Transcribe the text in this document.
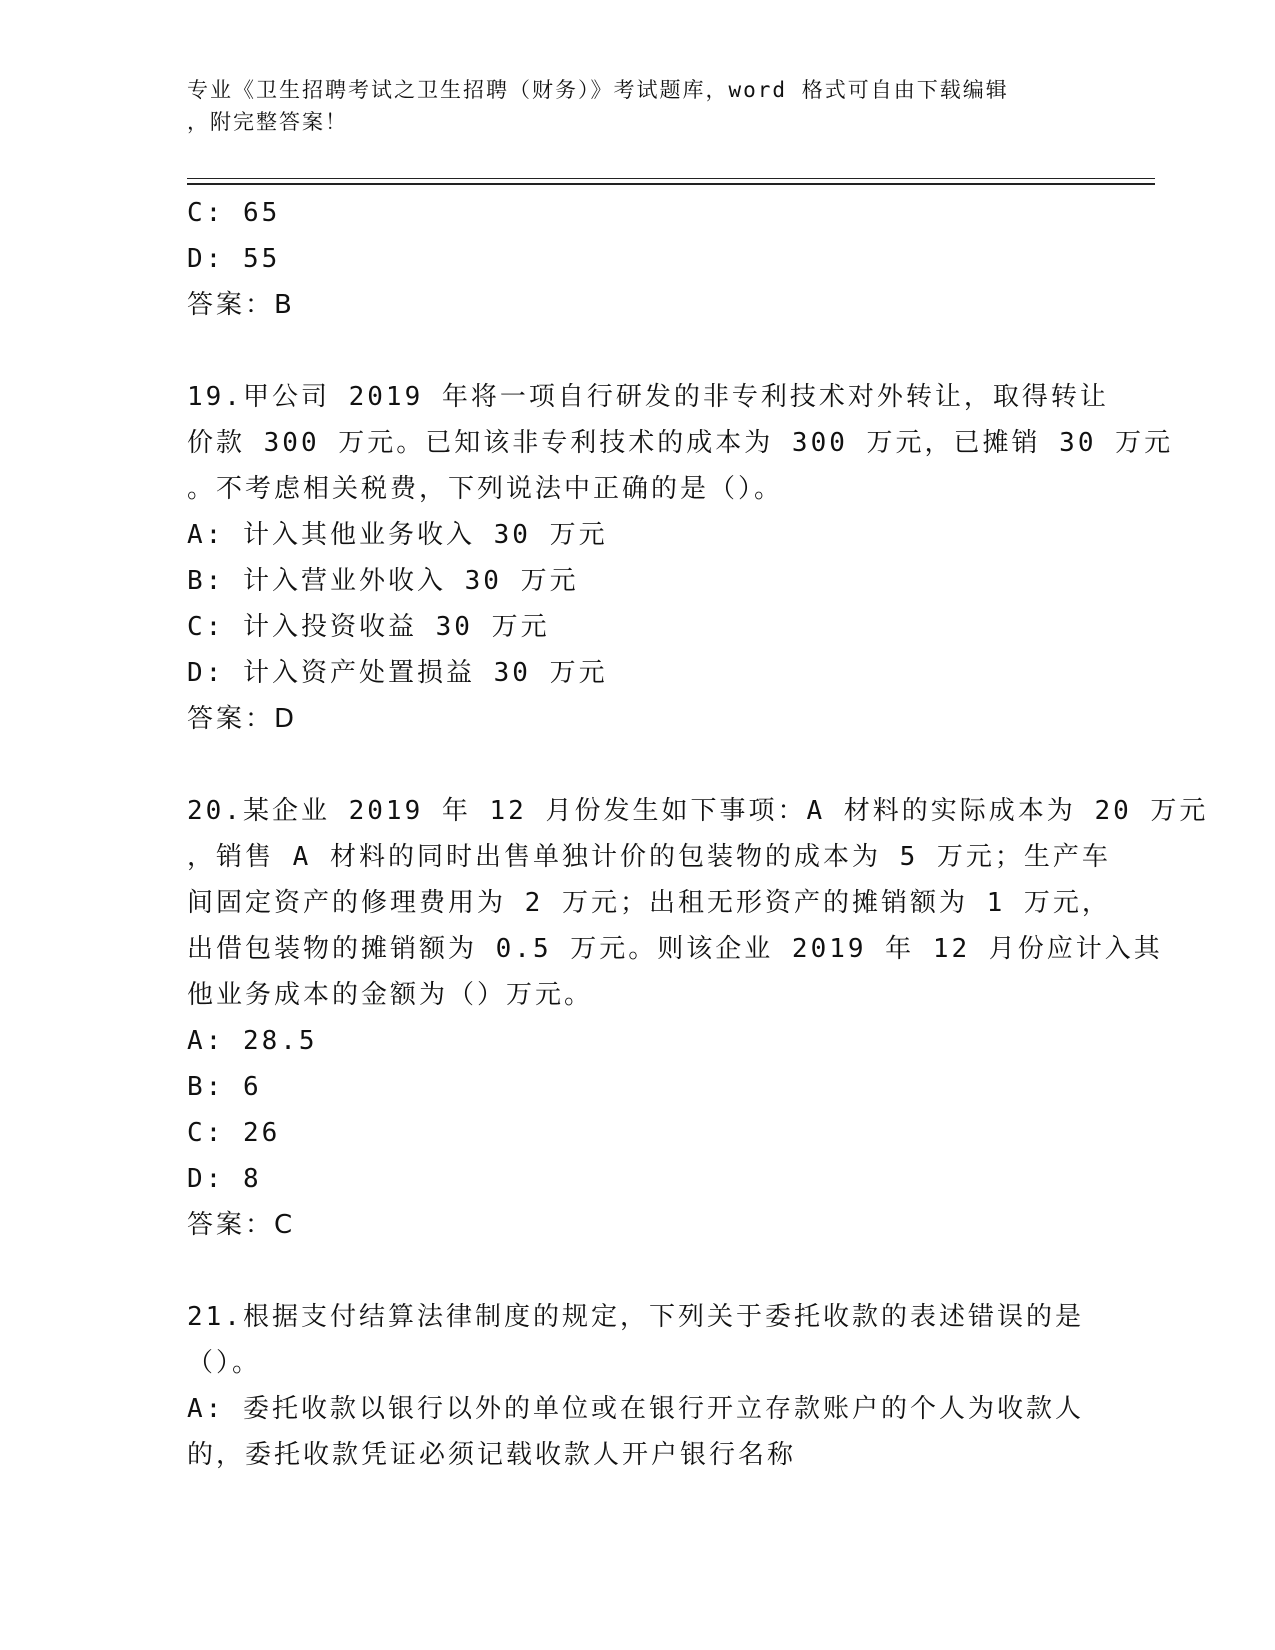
专业《卫生招聘考试之卫生招聘（财务）》考试题库，word 格式可自由下载编辑
，附完整答案！
C: 65
D: 55
答案：B
19.甲公司 2019 年将一项自行研发的非专利技术对外转让，取得转让
价款 300 万元。已知该非专利技术的成本为 300 万元，已摊销 30 万元
。不考虑相关税费，下列说法中正确的是（）。
A: 计入其他业务收入 30 万元
B: 计入营业外收入 30 万元
C: 计入投资收益 30 万元
D: 计入资产处置损益 30 万元
答案：D
20.某企业 2019 年 12 月份发生如下事项：A 材料的实际成本为 20 万元
，销售 A 材料的同时出售单独计价的包装物的成本为 5 万元；生产车
间固定资产的修理费用为 2 万元；出租无形资产的摊销额为 1 万元，
出借包装物的摊销额为 0.5 万元。则该企业 2019 年 12 月份应计入其
他业务成本的金额为（）万元。
A: 28.5
B: 6
C: 26
D: 8
答案：C
21.根据支付结算法律制度的规定，下列关于委托收款的表述错误的是
（）。
A: 委托收款以银行以外的单位或在银行开立存款账户的个人为收款人
的，委托收款凭证必须记载收款人开户银行名称
